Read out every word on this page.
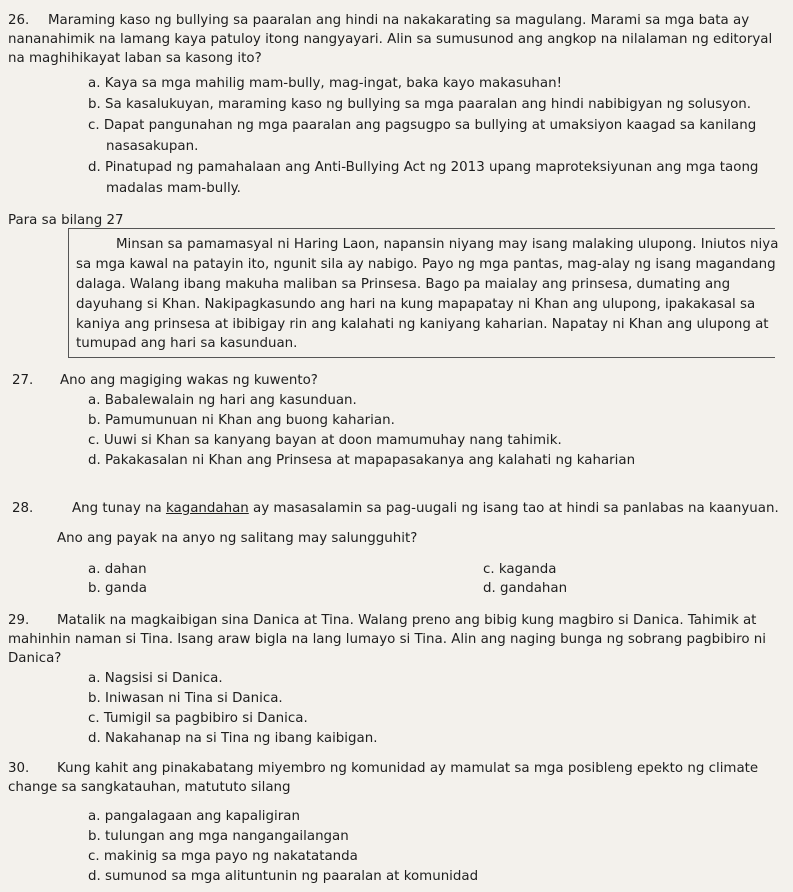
26. Maraming kaso ng bullying sa paaralan ang hindi na nakakarating sa magulang. Marami sa mga bata ay
nananahimik na lamang kaya patuloy itong nangyayari. Alin sa sumusunod ang angkop na nilalaman ng editoryal
na maghihikayat laban sa kasong ito?
a. Kaya sa mga mahilig mam-bully, mag-ingat, baka kayo makasuhan!
b. Sa kasalukuyan, maraming kaso ng bullying sa mga paaralan ang hindi nabibigyan ng solusyon.
c. Dapat pangunahan ng mga paaralan ang pagsugpo sa bullying at umaksiyon kaagad sa kanilang
nasasakupan.
d. Pinatupad ng pamahalaan ang Anti-Bullying Act ng 2013 upang maproteksiyunan ang mga taong
madalas mam-bully.
Para sa bilang 27
Minsan sa pamamasyal ni Haring Laon, napansin niyang may isang malaking ulupong. Iniutos niya
sa mga kawal na patayin ito, ngunit sila ay nabigo. Payo ng mga pantas, mag-alay ng isang magandang
dalaga. Walang ibang makuha maliban sa Prinsesa. Bago pa maialay ang prinsesa, dumating ang
dayuhang si Khan. Nakipagkasundo ang hari na kung mapapatay ni Khan ang ulupong, ipakakasal sa
kaniya ang prinsesa at ibibigay rin ang kalahati ng kaniyang kaharian. Napatay ni Khan ang ulupong at
tumupad ang hari sa kasunduan.
27. Ano ang magiging wakas ng kuwento?
a. Babalewalain ng hari ang kasunduan.
b. Pamumunuan ni Khan ang buong kaharian.
c. Uuwi si Khan sa kanyang bayan at doon mamumuhay nang tahimik.
d. Pakakasalan ni Khan ang Prinsesa at mapapasakanya ang kalahati ng kaharian
28.	Ang tunay na kagandahan ay masasalamin sa pag-uugali ng isang tao at hindi sa panlabas na kaanyuan.
Ano ang payak na anyo ng salitang may salungguhit?
a. dahan	c. kaganda
b. ganda	d. gandahan
29. Matalik na magkaibigan sina Danica at Tina. Walang preno ang bibig kung magbiro si Danica. Tahimik at
mahinhin naman si Tina. Isang araw bigla na lang lumayo si Tina. Alin ang naging bunga ng sobrang pagbibiro ni
Danica?
a. Nagsisi si Danica.
b. Iniwasan ni Tina si Danica.
c. Tumigil sa pagbibiro si Danica.
d. Nakahanap na si Tina ng ibang kaibigan.
30. Kung kahit ang pinakabatang miyembro ng komunidad ay mamulat sa mga posibleng epekto ng climate
change sa sangkatauhan, matututo silang
a. pangalagaan ang kapaligiran
b. tulungan ang mga nangangailangan
c. makinig sa mga payo ng nakatatanda
d. sumunod sa mga alituntunin ng paaralan at komunidad
